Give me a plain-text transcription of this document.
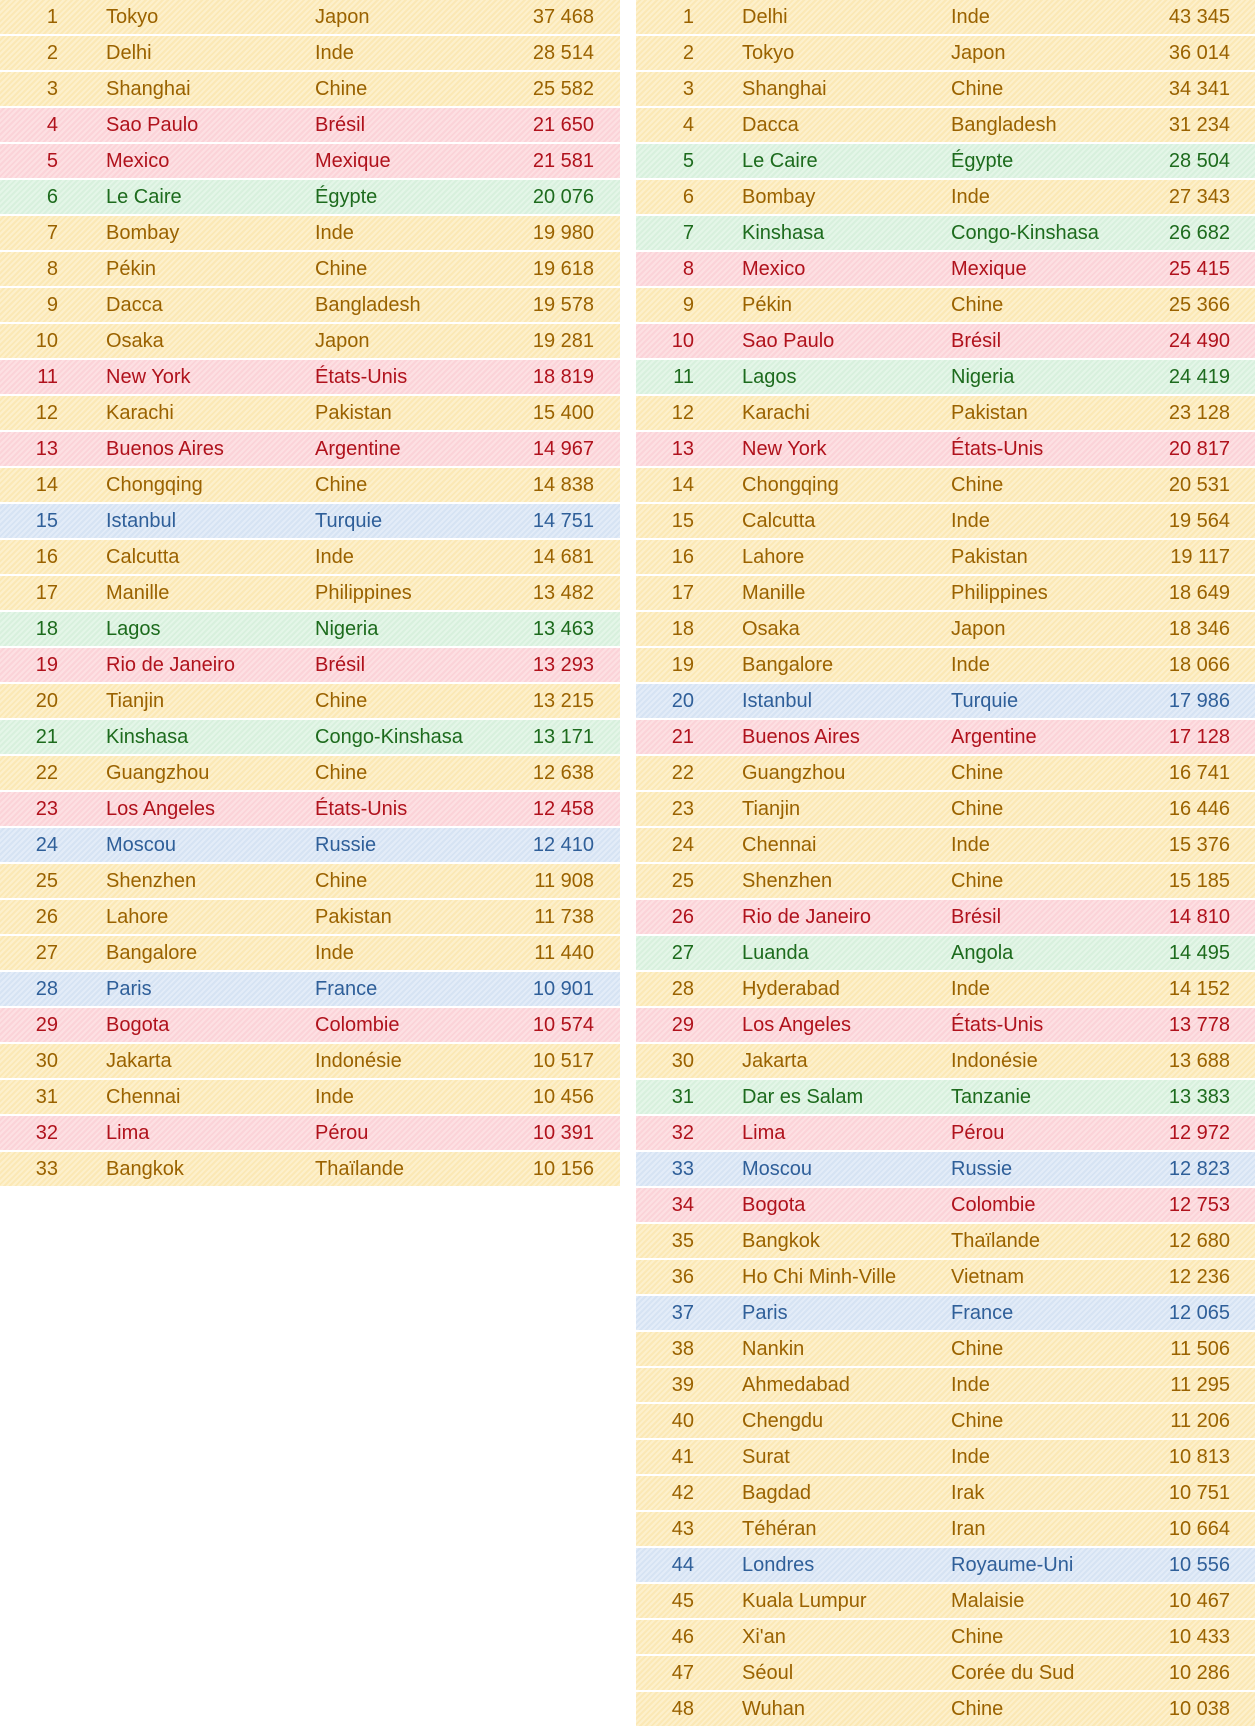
1 Tokyo	Japon	37 468
2 Delhi	Inde	28 514
3 Shanghai	Chine	25 582
4 Sao Paulo	Brésil	21 650
5 Mexico	Mexique	21 581
6 Le Caire	Égypte	20 076
7 Bombay	Inde	19 980
8 Pékin	Chine	19 618
9 Dacca	Bangladesh	19 578
10 Osaka	Japon	19 281
11 New York	États-Unis	18 819
12 Karachi	Pakistan	15 400
13 Buenos Aires	Argentine	14 967
14 Chongqing	Chine	14 838
15 Istanbul	Turquie	14 751
16 Calcutta	Inde	14 681
17 Manille	Philippines	13 482
18 Lagos	Nigeria	13 463
19 Rio de Janeiro	Brésil	13 293
20 Tianjin	Chine	13 215
21 Kinshasa	Congo-Kinshasa	13 171
22 Guangzhou	Chine	12 638
23 Los Angeles	États-Unis	12 458
24 Moscou	Russie	12 410
25 Shenzhen	Chine	11 908
26 Lahore	Pakistan	11 738
27 Bangalore	Inde	11 440
28 Paris	France	10 901
29 Bogota	Colombie	10 574
30 Jakarta	Indonésie	10 517
31 Chennai	Inde	10 456
32 Lima	Pérou	10 391
33 Bangkok	Thaïlande	10 156
1 Delhi	Inde	43 345
2 Tokyo	Japon	36 014
3 Shanghai	Chine	34 341
4 Dacca	Bangladesh	31 234
5 Le Caire	Égypte	28 504
6 Bombay	Inde	27 343
7 Kinshasa	Congo-Kinshasa	26 682
8 Mexico	Mexique	25 415
9 Pékin	Chine	25 366
10 Sao Paulo	Brésil	24 490
11 Lagos	Nigeria	24 419
12 Karachi	Pakistan	23 128
13 New York	États-Unis	20 817
14 Chongqing	Chine	20 531
15 Calcutta	Inde	19 564
16 Lahore	Pakistan	19 117
17 Manille	Philippines	18 649
18 Osaka	Japon	18 346
19 Bangalore	Inde	18 066
20 Istanbul	Turquie	17 986
21 Buenos Aires	Argentine	17 128
22 Guangzhou	Chine	16 741
23 Tianjin	Chine	16 446
24 Chennai	Inde	15 376
25 Shenzhen	Chine	15 185
26 Rio de Janeiro	Brésil	14 810
27 Luanda	Angola	14 495
28 Hyderabad	Inde	14 152
29 Los Angeles	États-Unis	13 778
30 Jakarta	Indonésie	13 688
31 Dar es Salam	Tanzanie	13 383
32 Lima	Pérou	12 972
33 Moscou	Russie	12 823
34 Bogota	Colombie	12 753
35 Bangkok	Thaïlande	12 680
36 Ho Chi Minh-Ville	Vietnam	12 236
37 Paris	France	12 065
38 Nankin	Chine	11 506
39 Ahmedabad	Inde	11 295
40 Chengdu	Chine	11 206
41 Surat	Inde	10 813
42 Bagdad	Irak	10 751
43 Téhéran	Iran	10 664
44 Londres	Royaume-Uni	10 556
45 Kuala Lumpur	Malaisie	10 467
46 Xi'an	Chine	10 433
47 Séoul	Corée du Sud	10 286
48 Wuhan	Chine	10 038
